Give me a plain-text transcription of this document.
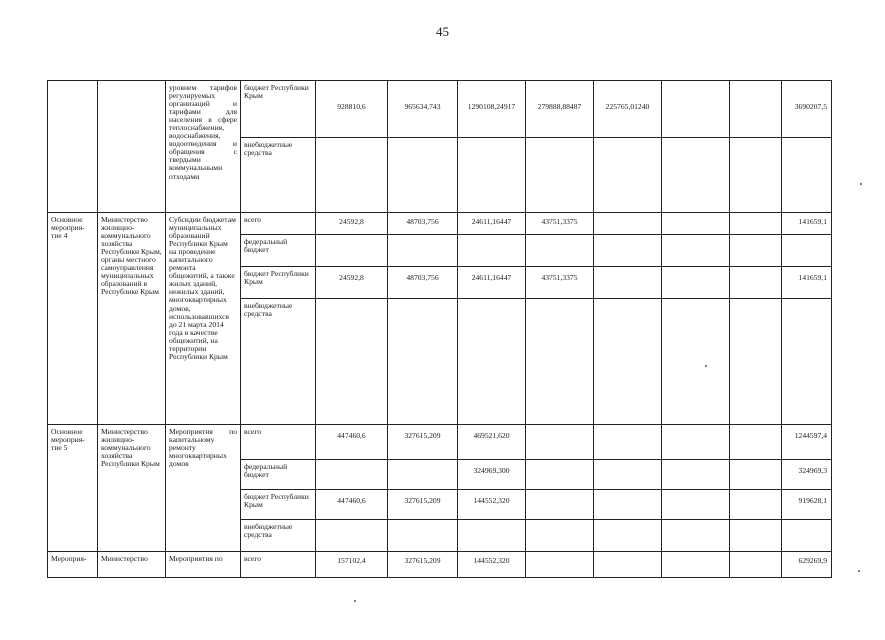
45
		уровнем тарифов регулируемых организаций и тарифами для населения в сфере теплоснабжения, водоснабжения, водоотведения и обращения с твердыми коммунальными отходами	бюджет Республики Крым	928810,6	965634,743	1290108,24917	279888,88487	225765,01240			3690207,5
			внебюджетные средства								
Основное мероприя-тие 4	Министерство жилищно-коммунального хозяйства Республики Крым, органы местного самоуправления муниципальных образований в Республике Крым	Субсидии бюджетам муниципальных образований Республики Крым на проведение капитального ремонта общежитий, а также жилых зданий, нежилых зданий, многоквартирных домов, использовавшихся до 21 марта 2014 года в качестве общежитий, на территории Республики Крым	всего	24592,8	48703,756	24611,16447	43751,3375				141659,1
			федеральный бюджет								
			бюджет Республики Крым	24592,8	48703,756	24611,16447	43751,3375				141659,1
			внебюджетные средства								
Основное мероприя-тие 5	Министерство жилищно-коммунального хозяйства Республики Крым	Мероприятия по капитальному ремонту многоквартирных домов	всего	447460,6	327615,209	469521,620					1244597,4
			федеральный бюджет			324969,300					324969,3
			бюджет Республики Крым	447460,6	327615,209	144552,320					919628,1
			внебюджетные средства								
Мероприя-	Министерство	Мероприятия по	всего	157102,4	327615,209	144552,320					629269,9
